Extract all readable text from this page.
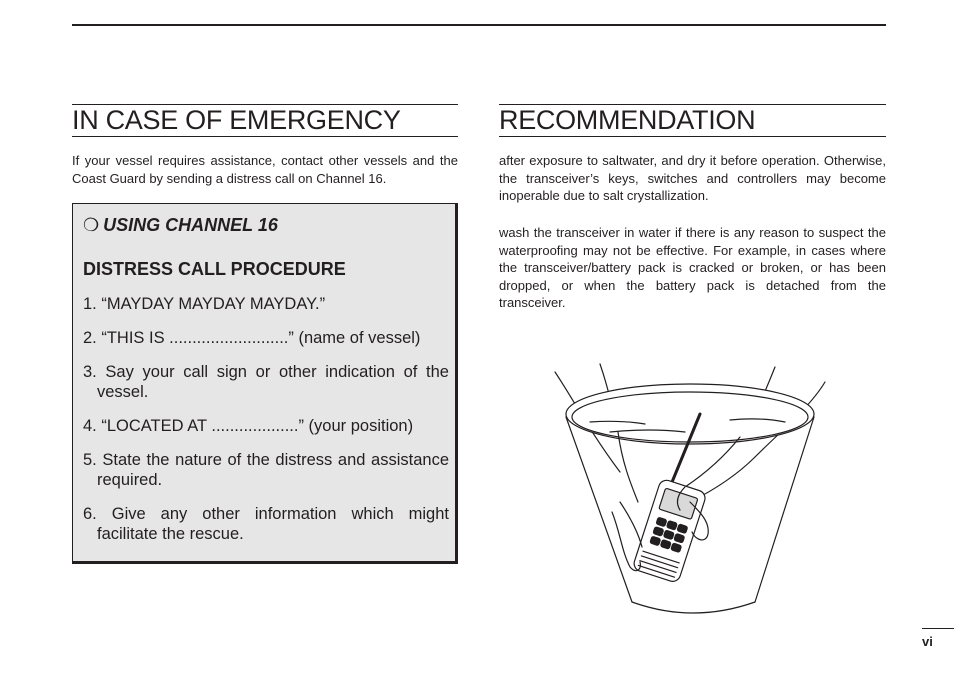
IN CASE OF EMERGENCY
If your vessel requires assistance, contact other vessels and the Coast Guard by sending a distress call on Channel 16.
❍ USING CHANNEL 16
DISTRESS CALL PROCEDURE
1. “MAYDAY MAYDAY MAYDAY.”
2. “THIS IS ..........................” (name of vessel)
3. Say your call sign or other indication of the vessel.
4. “LOCATED AT ...................” (your position)
5. State the nature of the distress and assistance required.
6. Give any other information which might facilitate the rescue.
RECOMMENDATION
after exposure to saltwater, and dry it before operation. Otherwise, the transceiver’s keys, switches and controllers may become inoperable due to salt crystallization.
wash the transceiver in water if there is any reason to suspect the waterproofing may not be effective. For example, in cases where the transceiver/battery pack is cracked or broken, or has been dropped, or when the battery pack is detached from the transceiver.
vi
